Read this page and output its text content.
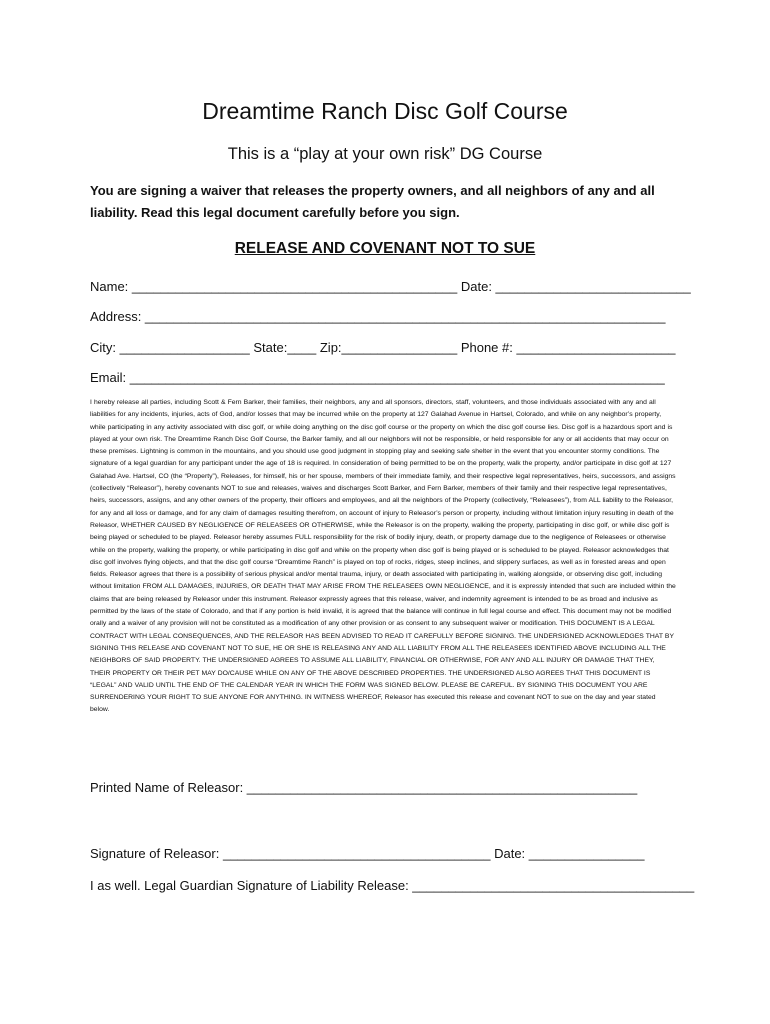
Dreamtime Ranch Disc Golf Course
This is a “play at your own risk” DG Course
You are signing a waiver that releases the property owners, and all neighbors of any and all liability. Read this legal document carefully before you sign.
RELEASE AND COVENANT NOT TO SUE
Name: _____________________________________________ Date: ___________________________
Address: ________________________________________________________________________
City: __________________ State:____ Zip:________________ Phone #: ______________________
Email: __________________________________________________________________________
I hereby release all parties, including Scott & Fern Barker, their families, their neighbors, any and all sponsors, directors, staff, volunteers, and those individuals associated with any and all liabilities for any incidents, injuries, acts of God, and/or losses that may be incurred while on the property at 127 Galahad Avenue in Hartsel, Colorado, and while on any neighbor’s property, while participating in any activity associated with disc golf, or while doing anything on the disc golf course or the property on which the disc golf course lies. Disc golf is a hazardous sport and is played at your own risk. The Dreamtime Ranch Disc Golf Course, the Barker family, and all our neighbors will not be responsible, or held responsible for any or all accidents that may occur on these premises. Lightning is common in the mountains, and you should use good judgment in stopping play and seeking safe shelter in the event that you encounter stormy conditions. The signature of a legal guardian for any participant under the age of 18 is required. In consideration of being permitted to be on the property, walk the property, and/or participate in disc golf at 127 Galahad Ave. Hartsel, CO (the “Property”), Releases, for himself, his or her spouse, members of their immediate family, and their respective legal representatives, heirs, successors, and assigns (collectively “Releasor”), hereby covenants NOT to sue and releases, waives and discharges Scott Barker, and Fern Barker, members of their family and their respective legal representatives, heirs, successors, assigns, and any other owners of the property, their officers and employees, and all the neighbors of the Property (collectively, “Releasees”), from ALL liability to the Releasor, for any and all loss or damage, and for any claim of damages resulting therefrom, on account of injury to Releasor’s person or property, including without limitation injury resulting in death of the Releasor, WHETHER CAUSED BY NEGLIGENCE OF RELEASEES OR OTHERWISE, while the Releasor is on the property, walking the property, participating in disc golf, or while disc golf is being played or scheduled to be played. Releasor hereby assumes FULL responsibility for the risk of bodily injury, death, or property damage due to the negligence of Releasees or otherwise while on the property, walking the property, or while participating in disc golf and while on the property when disc golf is being played or is scheduled to be played. Releasor acknowledges that disc golf involves flying objects, and that the disc golf course “Dreamtime Ranch” is played on top of rocks, ridges, steep inclines, and slippery surfaces, as well as in forested areas and open fields. Releasor agrees that there is a possibility of serious physical and/or mental trauma, injury, or death associated with participating in, walking alongside, or observing disc golf, including without limitation FROM ALL DAMAGES, INJURIES, OR DEATH THAT MAY ARISE FROM THE RELEASEES OWN NEGLIGENCE, and it is expressly intended that such are included within the claims that are being released by Releasor under this instrument. Releasor expressly agrees that this release, waiver, and indemnity agreement is intended to be as broad and inclusive as permitted by the laws of the state of Colorado, and that if any portion is held invalid, it is agreed that the balance will continue in full legal course and effect. This document may not be modified orally and a waiver of any provision will not be constituted as a modification of any other provision or as consent to any subsequent waiver or modification. THIS DOCUMENT IS A LEGAL CONTRACT WITH LEGAL CONSEQUENCES, AND THE RELEASOR HAS BEEN ADVISED TO READ IT CAREFULLY BEFORE SIGNING. THE UNDERSIGNED ACKNOWLEDGES THAT BY SIGNING THIS RELEASE AND COVENANT NOT TO SUE, HE OR SHE IS RELEASING ANY AND ALL LIABILITY FROM ALL THE RELEASEES IDENTIFIED ABOVE INCLUDING ALL THE NEIGHBORS OF SAID PROPERTY. THE UNDERSIGNED AGREES TO ASSUME ALL LIABILITY, FINANCIAL OR OTHERWISE, FOR ANY AND ALL INJURY OR DAMAGE THAT THEY, THEIR PROPERTY OR THEIR PET MAY DO/CAUSE WHILE ON ANY OF THE ABOVE DESCRIBED PROPERTIES. THE UNDERSIGNED ALSO AGREES THAT THIS DOCUMENT IS “LEGAL” AND VALID UNTIL THE END OF THE CALENDAR YEAR IN WHICH THE FORM WAS SIGNED BELOW. PLEASE BE CAREFUL. BY SIGNING THIS DOCUMENT YOU ARE SURRENDERING YOUR RIGHT TO SUE ANYONE FOR ANYTHING. IN WITNESS WHEREOF, Releasor has executed this release and covenant NOT to sue on the day and year stated below.
Printed Name of Releasor: ______________________________________________________
Signature of Releasor: _____________________________________ Date: ________________
I as well. Legal Guardian Signature of Liability Release: _______________________________________
